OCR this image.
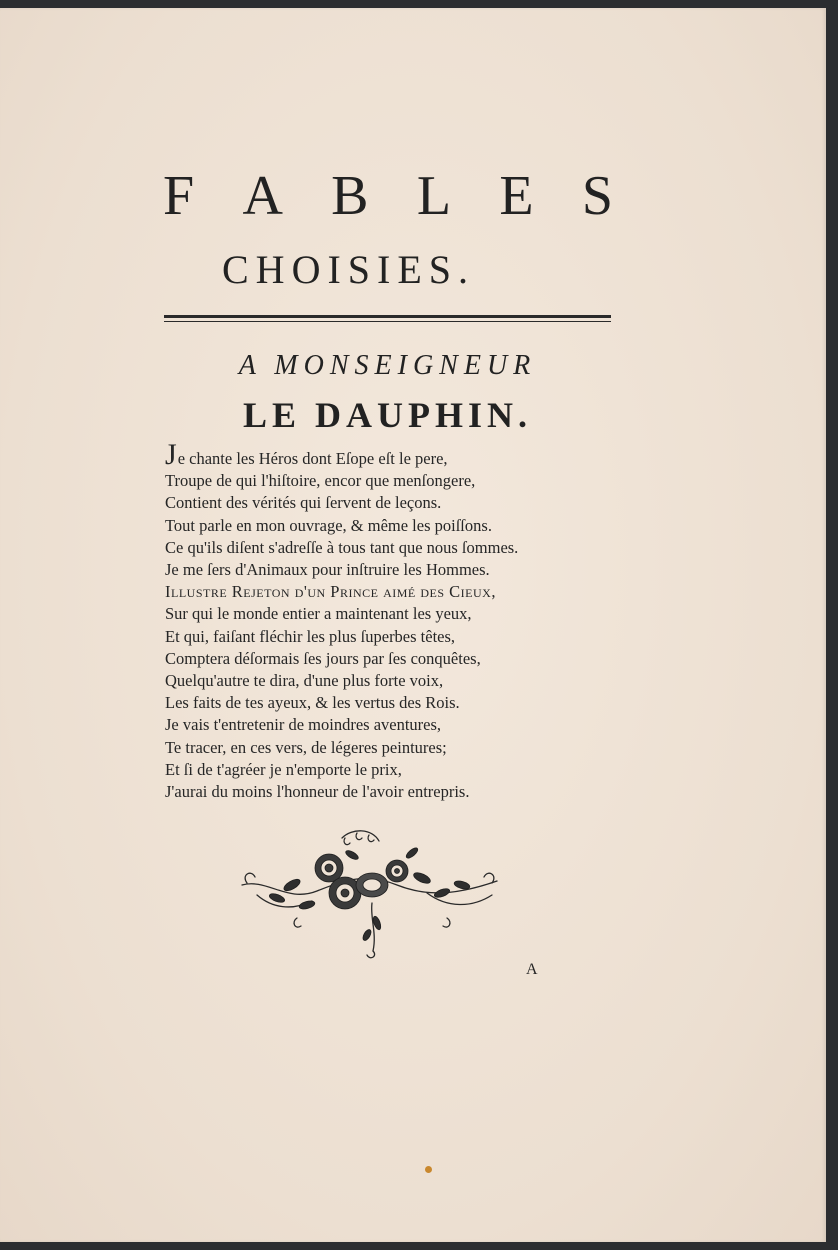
F A B L E S
CHOISIES.
A MONSEIGNEUR
LE DAUPHIN.
Je chante les Héros dont Eſope eſt le pere,
Troupe de qui l'hiſtoire, encor que menſongere,
Contient des vérités qui ſervent de leçons.
Tout parle en mon ouvrage, & même les poiſſons.
Ce qu'ils diſent s'adreſſe à tous tant que nous ſommes.
Je me ſers d'Animaux pour inſtruire les Hommes.
Illustre Rejeton d'un Prince aimé des Cieux,
Sur qui le monde entier a maintenant les yeux,
Et qui, faiſant fléchir les plus ſuperbes têtes,
Comptera déſormais ſes jours par ſes conquêtes,
Quelqu'autre te dira, d'une plus forte voix,
Les faits de tes ayeux, & les vertus des Rois.
Je vais t'entretenir de moindres aventures,
Te tracer, en ces vers, de légeres peintures;
Et ſi de t'agréer je n'emporte le prix,
J'aurai du moins l'honneur de l'avoir entrepris.
A
